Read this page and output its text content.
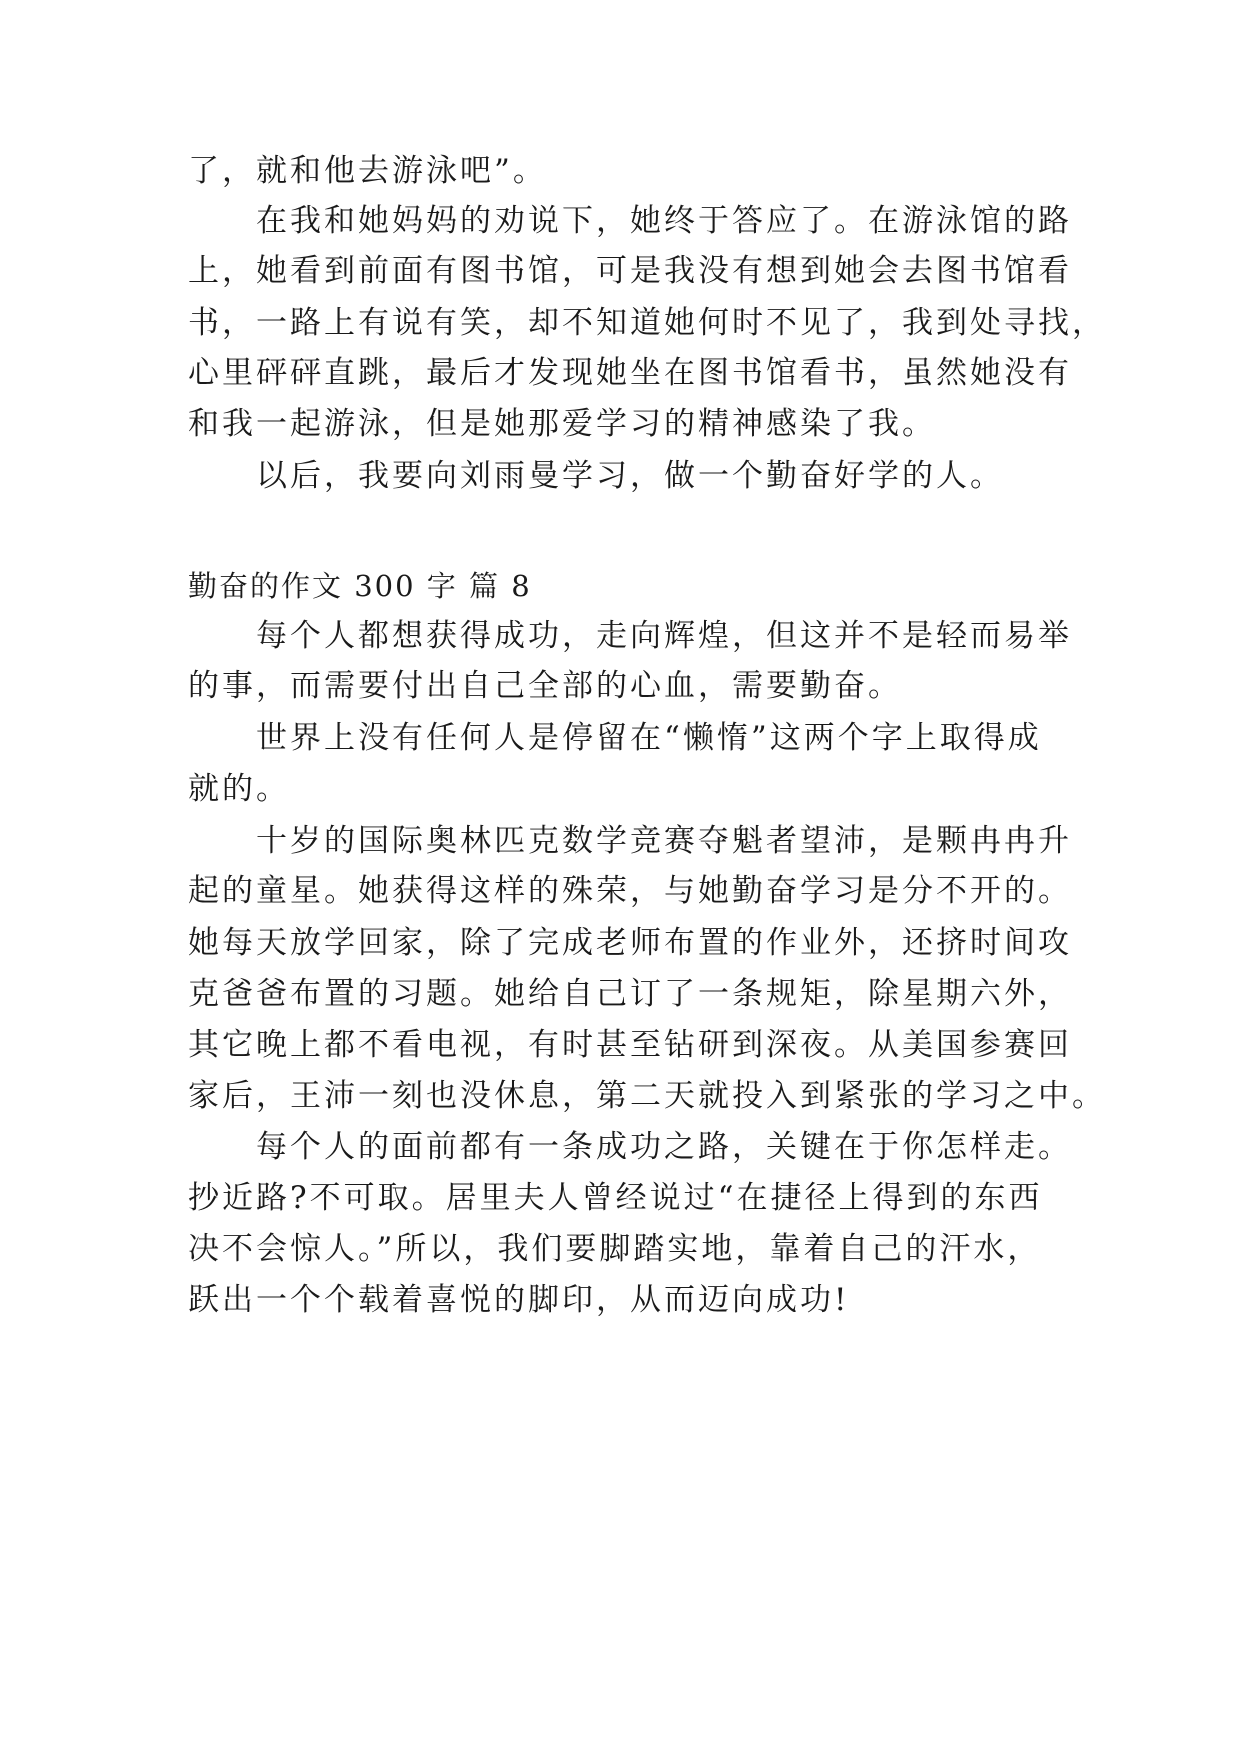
了，就和他去游泳吧”。

在我和她妈妈的劝说下，她终于答应了。在游泳馆的路

上，她看到前面有图书馆，可是我没有想到她会去图书馆看

书，一路上有说有笑，却不知道她何时不见了，我到处寻找，

心里砰砰直跳，最后才发现她坐在图书馆看书，虽然她没有

和我一起游泳，但是她那爱学习的精神感染了我。

以后，我要向刘雨曼学习，做一个勤奋好学的人。

勤奋的作文 300 字 篇 8

每个人都想获得成功，走向辉煌，但这并不是轻而易举

的事，而需要付出自己全部的心血，需要勤奋。

世界上没有任何人是停留在“懒惰”这两个字上取得成

就的。

十岁的国际奥林匹克数学竞赛夺魁者望沛，是颗冉冉升

起的童星。她获得这样的殊荣，与她勤奋学习是分不开的。

她每天放学回家，除了完成老师布置的作业外，还挤时间攻

克爸爸布置的习题。她给自己订了一条规矩，除星期六外，

其它晚上都不看电视，有时甚至钻研到深夜。从美国参赛回

家后，王沛一刻也没休息，第二天就投入到紧张的学习之中。

每个人的面前都有一条成功之路，关键在于你怎样走。

抄近路?不可取。居里夫人曾经说过“在捷径上得到的东西

决不会惊人。”所以，我们要脚踏实地，靠着自己的汗水，

跃出一个个载着喜悦的脚印，从而迈向成功!
